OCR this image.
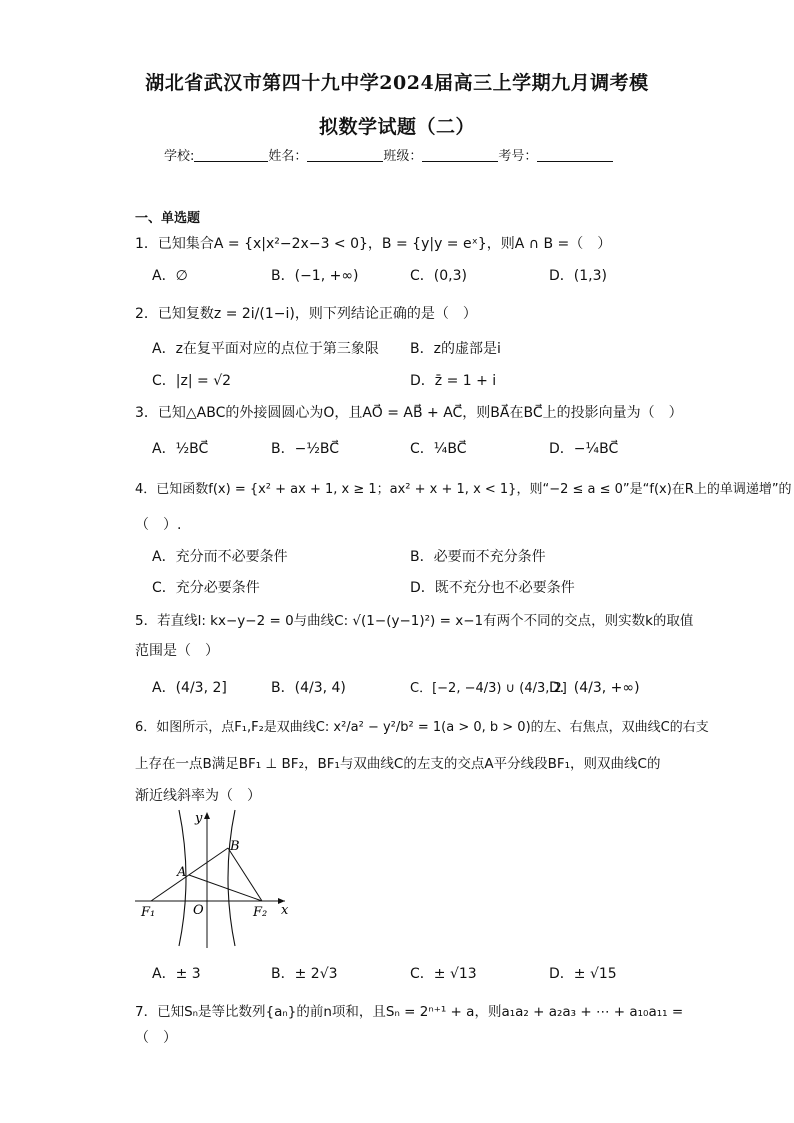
湖北省武汉市第四十九中学2024届高三上学期九月调考模
拟数学试题（二）
学校:	姓名：	班级：	考号：
一、单选题
1．已知集合A = {x|x²−2x−3 < 0}，B = {y|y = eˣ}，则A ∩ B =（　）
A．∅	B．(−1, +∞)	C．(0,3)	D．(1,3)
2．已知复数z = 2i/(1−i)，则下列结论正确的是（　）
A．z在复平面对应的点位于第三象限 B．z的虚部是i
C．|z| = √2	D．z̄ = 1 + i
3．已知△ABC的外接圆圆心为O，且AO⃗ = AB⃗ + AC⃗，则BA⃗在BC⃗上的投影向量为（　）
A．½BC⃗	B．−½BC⃗	C．¼BC⃗	D．−¼BC⃗
4．已知函数f(x) = {x² + ax + 1, x ≥ 1；ax² + x + 1, x < 1}，则“−2 ≤ a ≤ 0”是“f(x)在R上的单调递增”的
（　）.
A．充分而不必要条件	B．必要而不充分条件
C．充分必要条件	D．既不充分也不必要条件
5．若直线l: kx−y−2 = 0与曲线C: √(1−(y−1)²) = x−1有两个不同的交点，则实数k的取值
范围是（　）
A．(4/3, 2]	B．(4/3, 4)	C．[−2, −4/3) ∪ (4/3, 2]
D．(4/3, +∞)
6．如图所示，点F₁,F₂是双曲线C: x²/a² − y²/b² = 1(a > 0, b > 0)的左、右焦点，双曲线C的右支
上存在一点B满足BF₁ ⊥ BF₂，BF₁与双曲线C的左支的交点A平分线段BF₁，则双曲线C的
渐近线斜率为（　）
y
x
B
A
O
F₁	F₂
A．± 3	B．± 2√3	C．± √13	D．± √15
7．已知Sₙ是等比数列{aₙ}的前n项和，且Sₙ = 2ⁿ⁺¹ + a，则a₁a₂ + a₂a₃ + ⋯ + a₁₀a₁₁ =
（　）
